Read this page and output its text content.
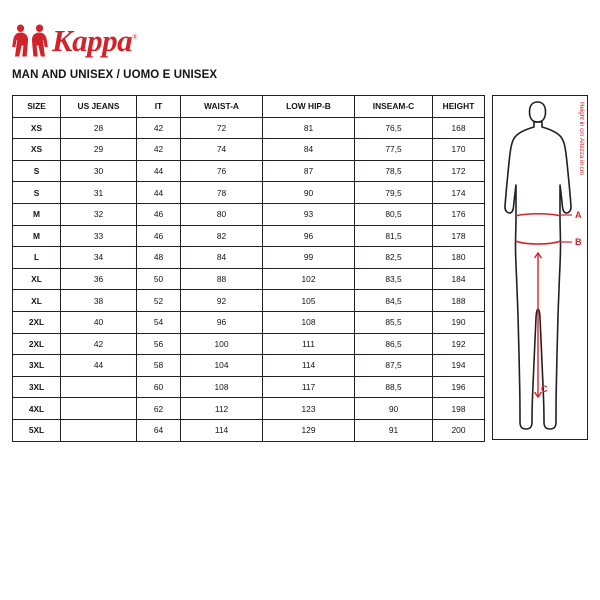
Kappa®
MAN AND UNISEX / UOMO E UNISEX
SIZE	US JEANS	IT	WAIST-A	LOW HIP-B	INSEAM-C	HEIGHT
XS	28	42	72	81	76,5	168
XS	29	42	74	84	77,5	170
S	30	44	76	87	78,5	172
S	31	44	78	90	79,5	174
M	32	46	80	93	80,5	176
M	33	46	82	96	81,5	178
L	34	48	84	99	82,5	180
XL	36	50	88	102	83,5	184
XL	38	52	92	105	84,5	188
2XL	40	54	96	108	85,5	190
2XL	42	56	100	111	86,5	192
3XL	44	58	104	114	87,5	194
3XL		60	108	117	88,5	196
4XL		62	112	123	90	198
5XL		64	114	129	91	200
A
B
C
Height in cm Altezza in cm
